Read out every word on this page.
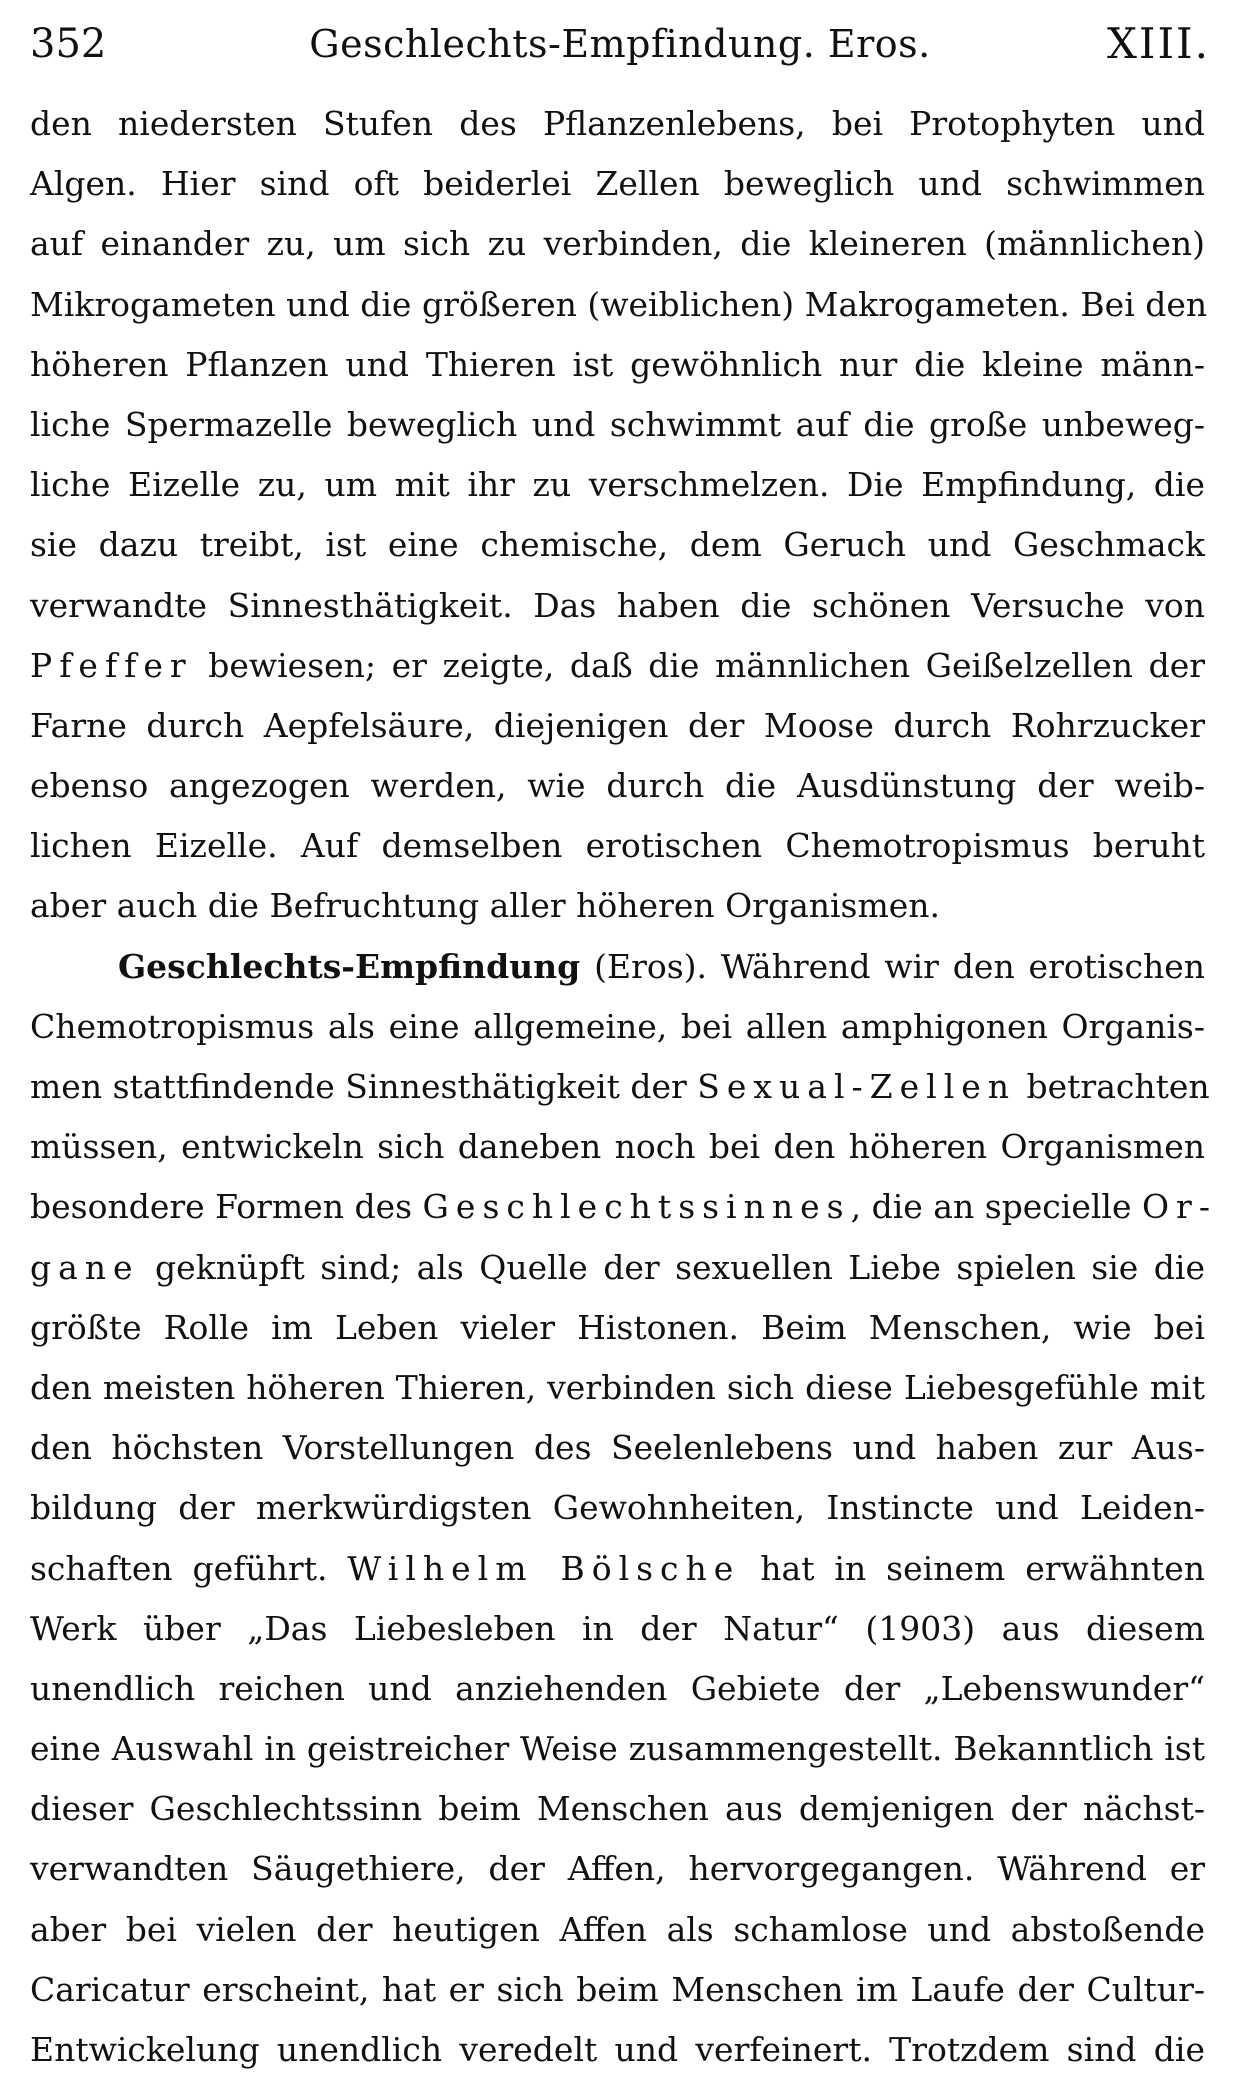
352	Geschlechts-Empfindung. Eros.	XIII.
den niedersten Stufen des Pflanzenlebens, bei Protophyten und
Algen. Hier sind oft beiderlei Zellen beweglich und schwimmen
auf einander zu, um sich zu verbinden, die kleineren (männlichen)
Mikrogameten und die größeren (weiblichen) Makrogameten. Bei den
höheren Pflanzen und Thieren ist gewöhnlich nur die kleine männ-
liche Spermazelle beweglich und schwimmt auf die große unbeweg-
liche Eizelle zu, um mit ihr zu verschmelzen. Die Empfindung, die
sie dazu treibt, ist eine chemische, dem Geruch und Geschmack
verwandte Sinnesthätigkeit. Das haben die schönen Versuche von
Pfeffer bewiesen; er zeigte, daß die männlichen Geißelzellen der
Farne durch Aepfelsäure, diejenigen der Moose durch Rohrzucker
ebenso angezogen werden, wie durch die Ausdünstung der weib-
lichen Eizelle. Auf demselben erotischen Chemotropismus beruht
aber auch die Befruchtung aller höheren Organismen.
Geschlechts-Empfindung (Eros). Während wir den erotischen
Chemotropismus als eine allgemeine, bei allen amphigonen Organis-
men stattfindende Sinnesthätigkeit der Sexual-Zellen betrachten
müssen, entwickeln sich daneben noch bei den höheren Organismen
besondere Formen des Geschlechtssinnes, die an specielle Or-
gane geknüpft sind; als Quelle der sexuellen Liebe spielen sie die
größte Rolle im Leben vieler Histonen. Beim Menschen, wie bei
den meisten höheren Thieren, verbinden sich diese Liebesgefühle mit
den höchsten Vorstellungen des Seelenlebens und haben zur Aus-
bildung der merkwürdigsten Gewohnheiten, Instincte und Leiden-
schaften geführt. Wilhelm Bölsche hat in seinem erwähnten
Werk über „Das Liebesleben in der Natur“ (1903) aus diesem
unendlich reichen und anziehenden Gebiete der „Lebenswunder“
eine Auswahl in geistreicher Weise zusammengestellt. Bekanntlich ist
dieser Geschlechtssinn beim Menschen aus demjenigen der nächst-
verwandten Säugethiere, der Affen, hervorgegangen. Während er
aber bei vielen der heutigen Affen als schamlose und abstoßende
Caricatur erscheint, hat er sich beim Menschen im Laufe der Cultur-
Entwickelung unendlich veredelt und verfeinert. Trotzdem sind die
